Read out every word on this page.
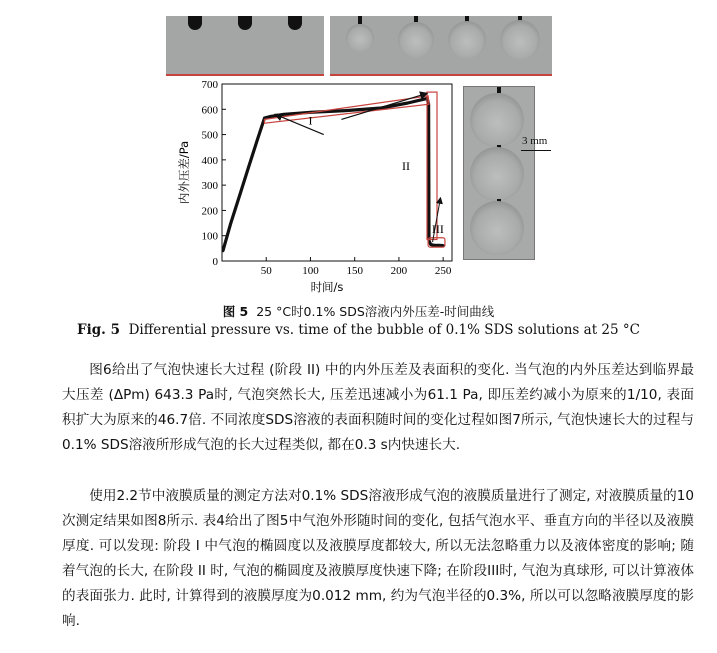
3 mm
0
100
200
300
400
500
600
700
50	100	150	200	250
时间/s
内外压差/Pa
I
II
III
图 5 25 °C时0.1% SDS溶液内外压差-时间曲线
Fig. 5 Differential pressure vs. time of the bubble of 0.1% SDS solutions at 25 °C

图6给出了气泡快速长大过程 (阶段 II) 中的内外压差及表面积的变化. 当气泡的内外压差达到临界最大压差 (ΔPm) 643.3 Pa时, 气泡突然长大, 压差迅速减小为61.1 Pa, 即压差约减小为原来的1/10, 表面积扩大为原来的46.7倍. 不同浓度SDS溶液的表面积随时间的变化过程如图7所示, 气泡快速长大的过程与0.1% SDS溶液所形成气泡的长大过程类似, 都在0.3 s内快速长大.

使用2.2节中液膜质量的测定方法对0.1% SDS溶液形成气泡的液膜质量进行了测定, 对液膜质量的10次测定结果如图8所示. 表4给出了图5中气泡外形随时间的变化, 包括气泡水平、垂直方向的半径以及液膜厚度. 可以发现: 阶段 I 中气泡的椭圆度以及液膜厚度都较大, 所以无法忽略重力以及液体密度的影响; 随着气泡的长大, 在阶段 II 时, 气泡的椭圆度及液膜厚度快速下降; 在阶段III时, 气泡为真球形, 可以计算液体的表面张力. 此时, 计算得到的液膜厚度为0.012 mm, 约为气泡半径的0.3%, 所以可以忽略液膜厚度的影响.
